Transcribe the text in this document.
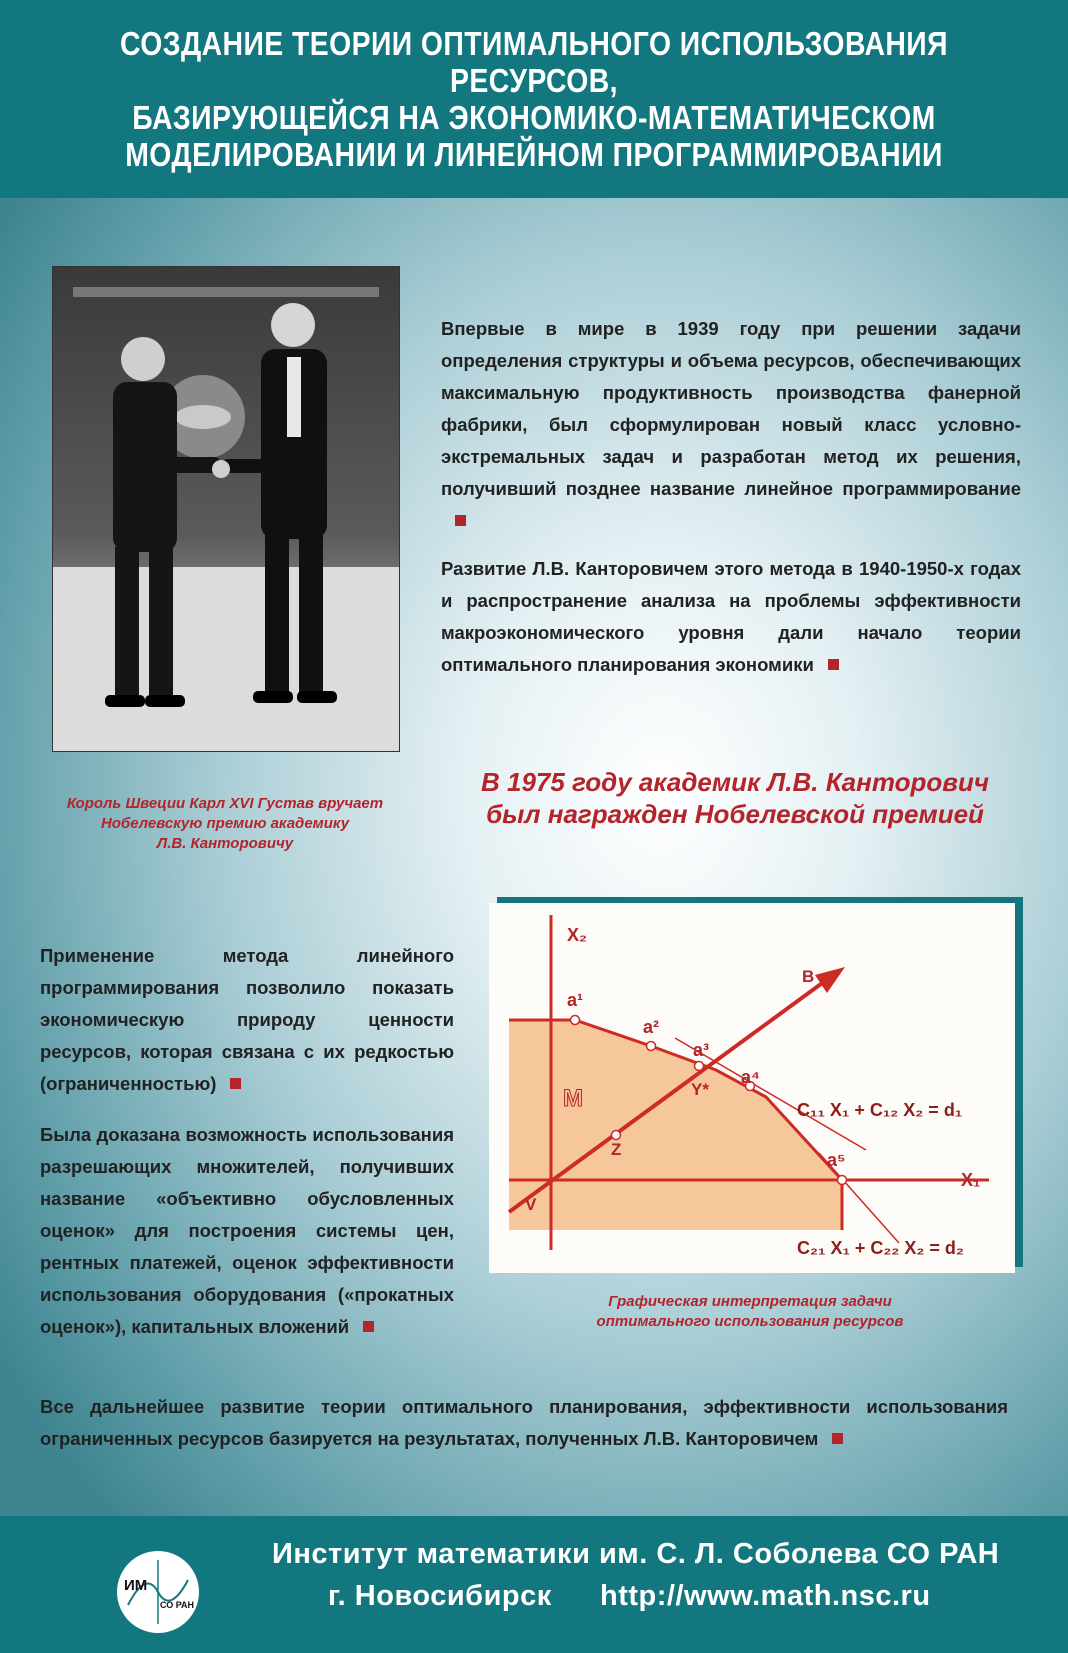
СОЗДАНИЕ ТЕОРИИ ОПТИМАЛЬНОГО ИСПОЛЬЗОВАНИЯ РЕСУРСОВ,
БАЗИРУЮЩЕЙСЯ НА ЭКОНОМИКО-МАТЕМАТИЧЕСКОМ
МОДЕЛИРОВАНИИ И ЛИНЕЙНОМ ПРОГРАММИРОВАНИИ
Король Швеции Карл XVI Густав вручает
Нобелевскую премию академику
Л.В. Канторовичу

Впервые в мире в 1939 году при решении задачи определения структуры и объема ресурсов, обеспечивающих максимальную продуктивность производства фанерной фабрики, был сформулирован новый класс условно-экстремальных задач и разработан метод их решения, получивший позднее название линейное программирование

Развитие Л.В. Канторовичем этого метода в 1940-1950-х годах и распространение анализа на проблемы эффективности макроэкономического уровня дали начало теории оптимального планирования экономики

В 1975 году академик Л.В. Канторович
был награжден Нобелевской премией

Применение метода линейного программирования позволило показать экономическую природу ценности ресурсов, которая связана с их редкостью (ограниченностью)

Была доказана возможность использования разрешающих множителей, получивших название «объективно обусловленных оценок» для построения системы цен, рентных платежей, оценок эффективности использования оборудования («прокатных оценок»), капитальных вложений

X₂
X₁
B
a¹
a²
a³
a⁴
a⁵
Y*
Z
V
M	C₁₁ X₁ + C₁₂ X₂ = d₁
C₂₁ X₁ + C₂₂ X₂ = d₂
Графическая интерпретация задачи
оптимального использования ресурсов

Все дальнейшее развитие теории оптимального планирования, эффективности использования ограниченных ресурсов базируется на результатах, полученных Л.В. Канторовичем

ИМ
СО РАН
Институт математики им. С. Л. Соболева СО РАН
г. Новосибирск http://www.math.nsc.ru
